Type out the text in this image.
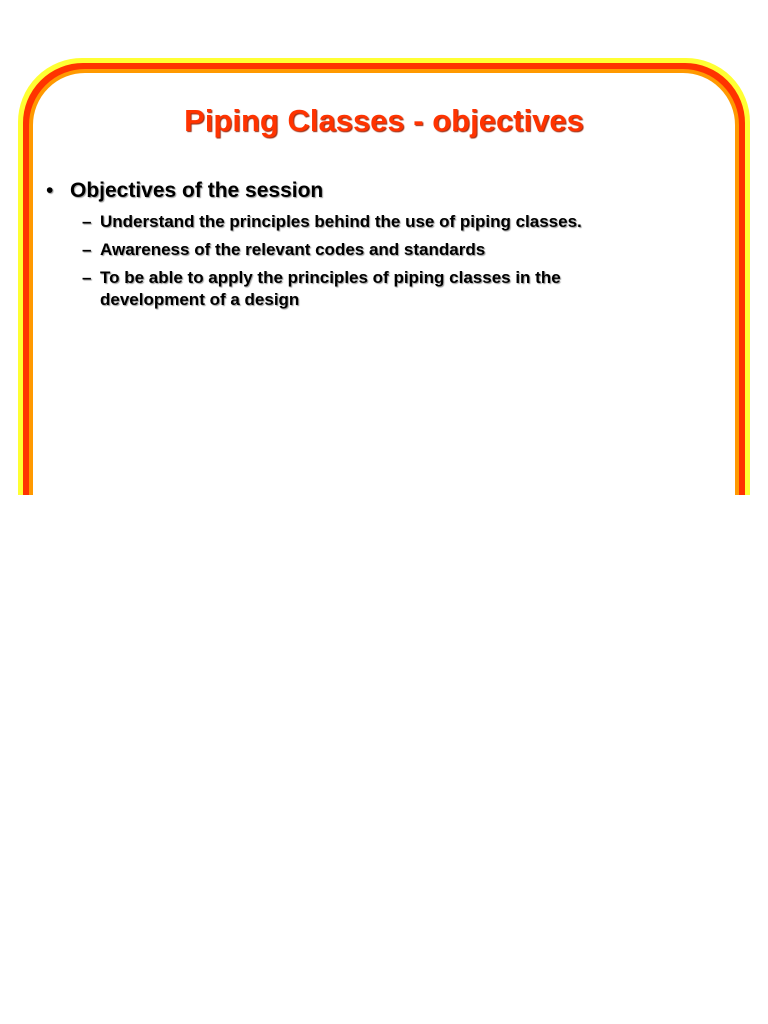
Piping Classes - objectives
• Objectives of the session
– Understand the principles behind the use of piping classes.
– Awareness of the relevant codes and standards
– To be able to apply the principles of piping classes in the development of a design
